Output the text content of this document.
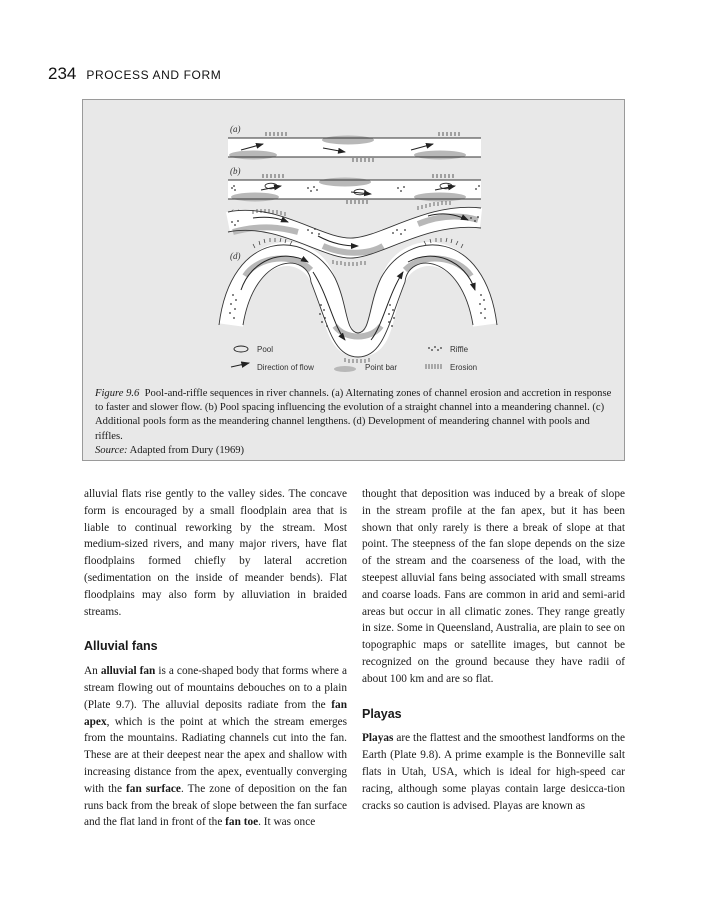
234 PROCESS AND FORM
(a)
(b)
(c)
(d)
Pool	Riffle
Direction of flow	Point bar	Erosion
Figure 9.6 Pool-and-riffle sequences in river channels. (a) Alternating zones of channel erosion and accretion in response to faster and slower flow. (b) Pool spacing influencing the evolution of a straight channel into a meandering channel. (c) Additional pools form as the meandering channel lengthens. (d) Development of meandering channel with pools and riffles.
Source: Adapted from Dury (1969)

alluvial flats rise gently to the valley sides. The concave form is encouraged by a small floodplain area that is liable to continual reworking by the stream. Most medium-sized rivers, and many major rivers, have flat floodplains formed chiefly by lateral accretion (sedimentation on the inside of meander bends). Flat floodplains may also form by alluviation in braided streams.

Alluvial fans

An alluvial fan is a cone-shaped body that forms where a stream flowing out of mountains debouches on to a plain (Plate 9.7). The alluvial deposits radiate from the fan apex, which is the point at which the stream emerges from the mountains. Radiating channels cut into the fan. These are at their deepest near the apex and shallow with increasing distance from the apex, eventually converging with the fan surface. The zone of deposition on the fan runs back from the break of slope between the fan surface and the flat land in front of the fan toe. It was once

thought that deposition was induced by a break of slope in the stream profile at the fan apex, but it has been shown that only rarely is there a break of slope at that point. The steepness of the fan slope depends on the size of the stream and the coarseness of the load, with the steepest alluvial fans being associated with small streams and coarse loads. Fans are common in arid and semi-arid areas but occur in all climatic zones. They range greatly in size. Some in Queensland, Australia, are plain to see on topographic maps or satellite images, but cannot be recognized on the ground because they have radii of about 100 km and are so flat.

Playas

Playas are the flattest and the smoothest landforms on the Earth (Plate 9.8). A prime example is the Bonneville salt flats in Utah, USA, which is ideal for high-speed car racing, although some playas contain large desicca-tion cracks so caution is advised. Playas are known as
